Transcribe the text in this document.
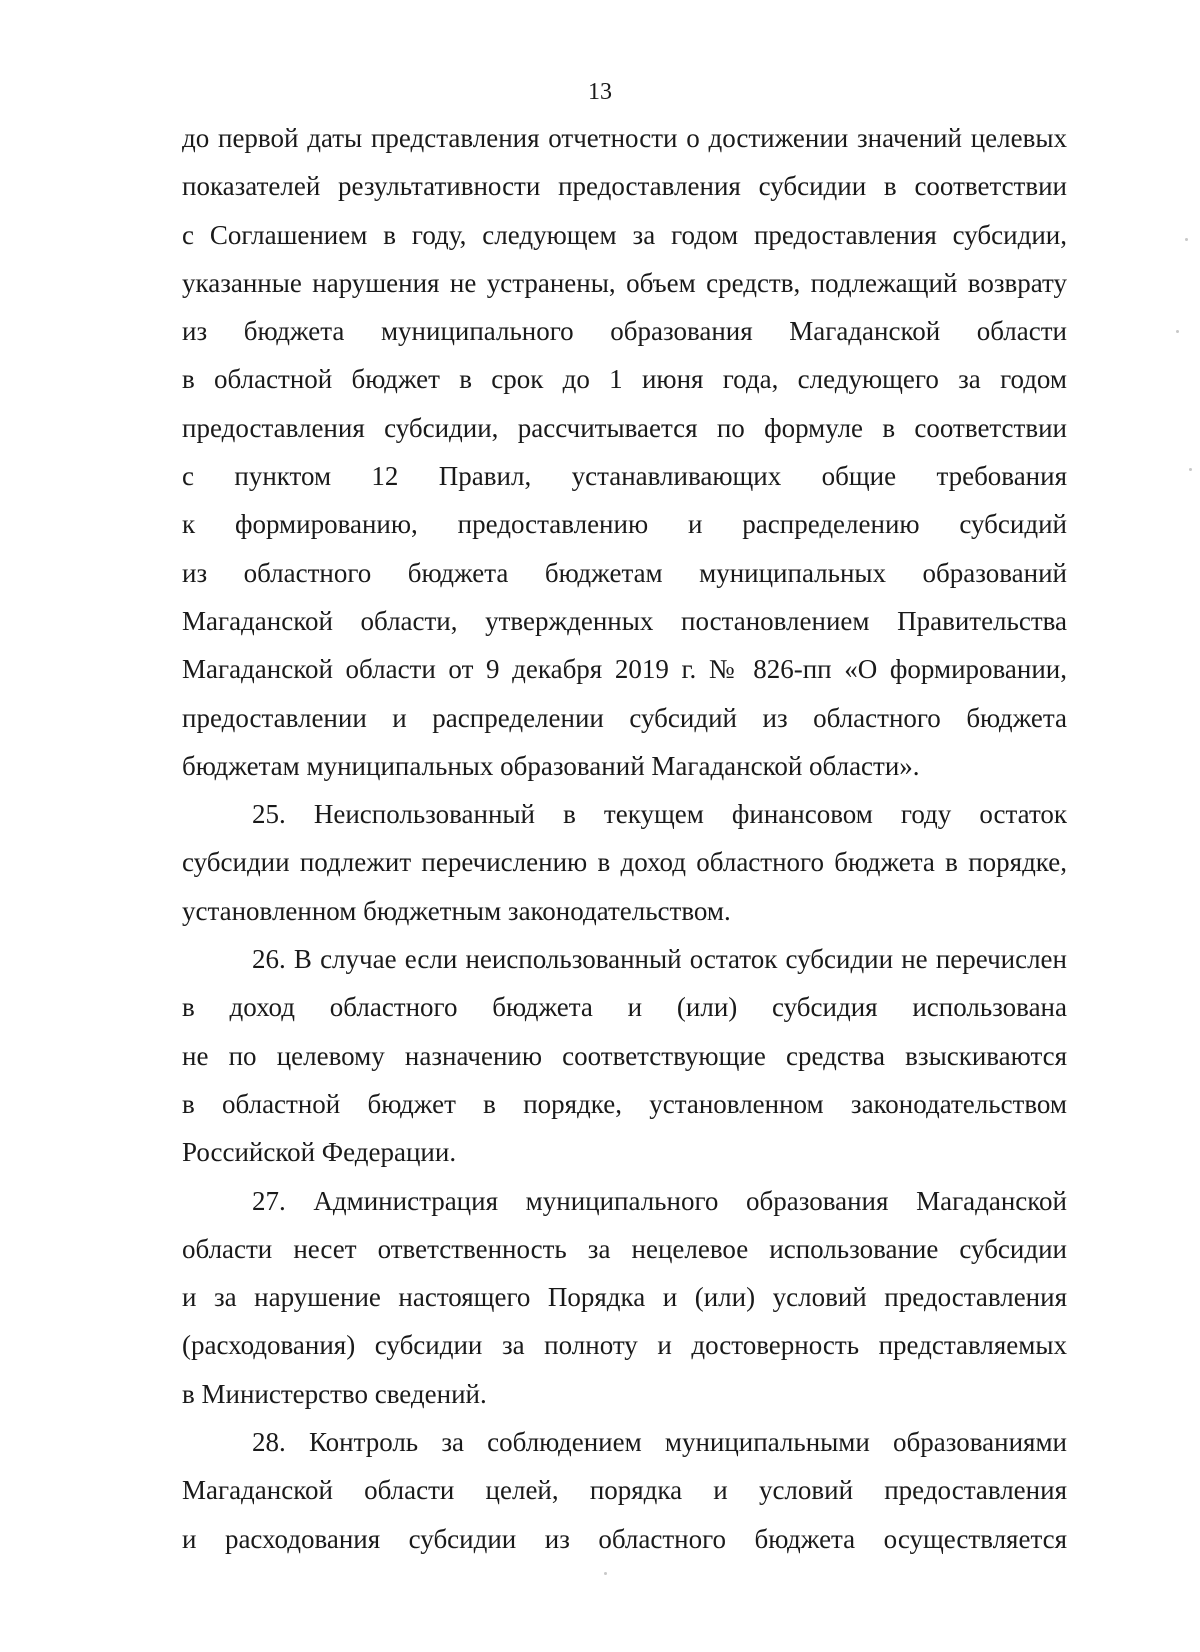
13
до первой даты представления отчетности о достижении значений целевых
показателей результативности предоставления субсидии в соответствии
с Соглашением в году, следующем за годом предоставления субсидии,
указанные нарушения не устранены, объем средств, подлежащий возврату
из бюджета муниципального образования Магаданской области
в областной бюджет в срок до 1 июня года, следующего за годом
предоставления субсидии, рассчитывается по формуле в соответствии
с пунктом 12 Правил, устанавливающих общие требования
к формированию, предоставлению и распределению субсидий
из областного бюджета бюджетам муниципальных образований
Магаданской области, утвержденных постановлением Правительства
Магаданской области от 9 декабря 2019 г. № 826-пп «О формировании,
предоставлении и распределении субсидий из областного бюджета
бюджетам муниципальных образований Магаданской области».
25. Неиспользованный в текущем финансовом году остаток
субсидии подлежит перечислению в доход областного бюджета в порядке,
установленном бюджетным законодательством.
26. В случае если неиспользованный остаток субсидии не перечислен
в доход областного бюджета и (или) субсидия использована
не по целевому назначению соответствующие средства взыскиваются
в областной бюджет в порядке, установленном законодательством
Российской Федерации.
27. Администрация муниципального образования Магаданской
области несет ответственность за нецелевое использование субсидии
и за нарушение настоящего Порядка и (или) условий предоставления
(расходования) субсидии за полноту и достоверность представляемых
в Министерство сведений.
28. Контроль за соблюдением муниципальными образованиями
Магаданской области целей, порядка и условий предоставления
и расходования субсидии из областного бюджета осуществляется
